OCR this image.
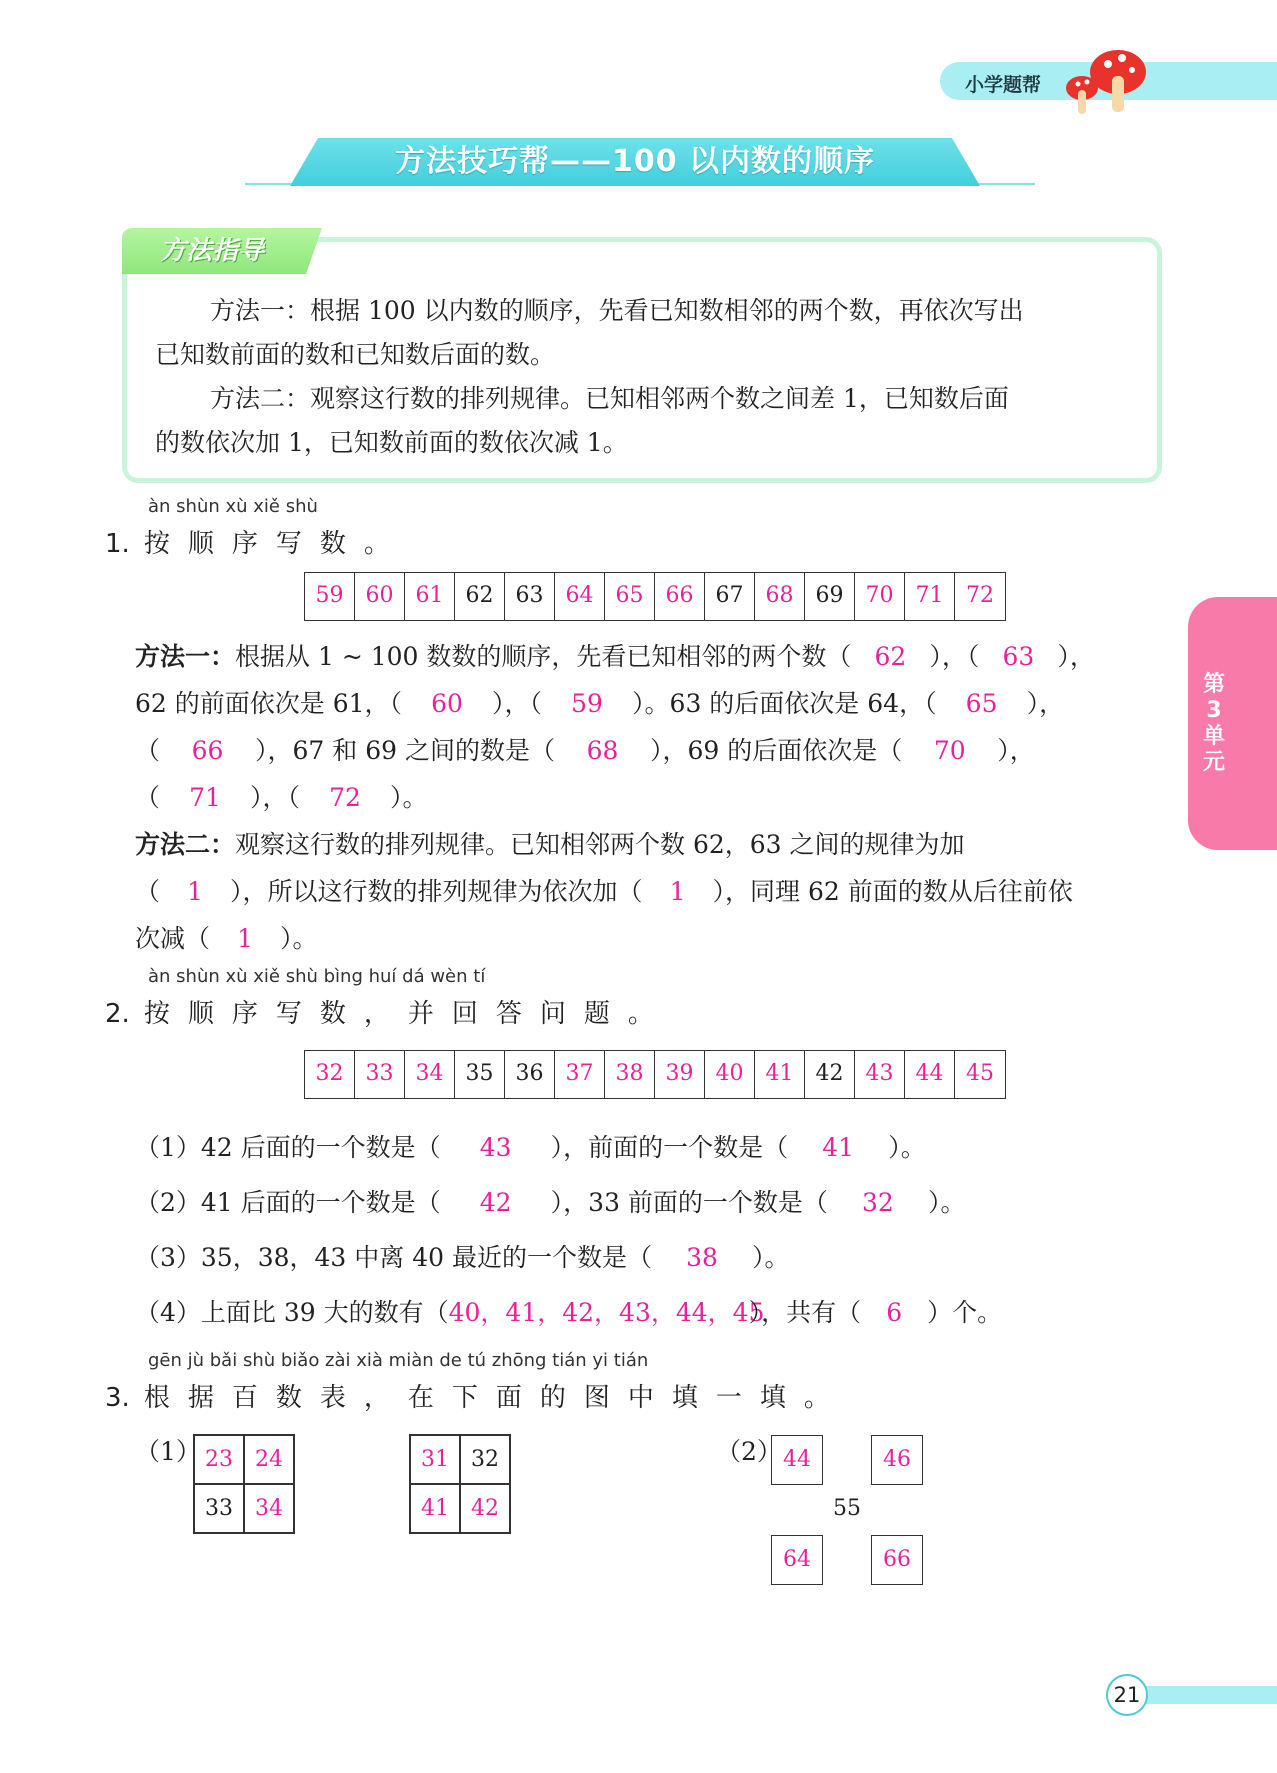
小学题帮
方法技巧帮——100 以内数的顺序
方法指导
方法一：根据 100 以内数的顺序，先看已知数相邻的两个数，再依次写出
已知数前面的数和已知数后面的数。
方法二：观察这行数的排列规律。已知相邻两个数之间差 1，已知数后面
的数依次加 1，已知数前面的数依次减 1。
第
3
单
元
àn shùn xù xiě shù
1. 按顺序写数。
59	60	61	62	63	64	65	66	67	68	69	70	71	72
方法一：根据从 1 ~ 100 数数的顺序，先看已知相邻的两个数（ 62 ），（ 63 ），
62 的前面依次是 61，（ 60 ），（ 59 ）。63 的后面依次是 64，（ 65 ），
（ 66 ），67 和 69 之间的数是（ 68 ），69 的后面依次是（ 70 ），
（ 71 ），（ 72 ）。
方法二：观察这行数的排列规律。已知相邻两个数 62，63 之间的规律为加
（ 1 ），所以这行数的排列规律为依次加（ 1 ），同理 62 前面的数从后往前依
次减（ 1 ）。
àn shùn xù xiě shù bìng huí dá wèn tí
2. 按顺序写数，并回答问题。
32	33	34	35	36	37	38	39	40	41	42	43	44	45
（1）42 后面的一个数是（ 43 ），前面的一个数是（ 41 ）。
（2）41 后面的一个数是（ 42 ），33 前面的一个数是（ 32 ）。
（3）35，38，43 中离 40 最近的一个数是（ 38 ）。
（4）上面比 39 大的数有（40，41，42，43，44，45），共有（ 6 ）个。
gēn jù bǎi shù biǎo zài xià miàn de tú zhōng tián yi tián
3. 根据百数表，在下面的图中填一填。
（1） 23	24
33	34
31	32
41	42
（2） 44	46
55
64	66
21
